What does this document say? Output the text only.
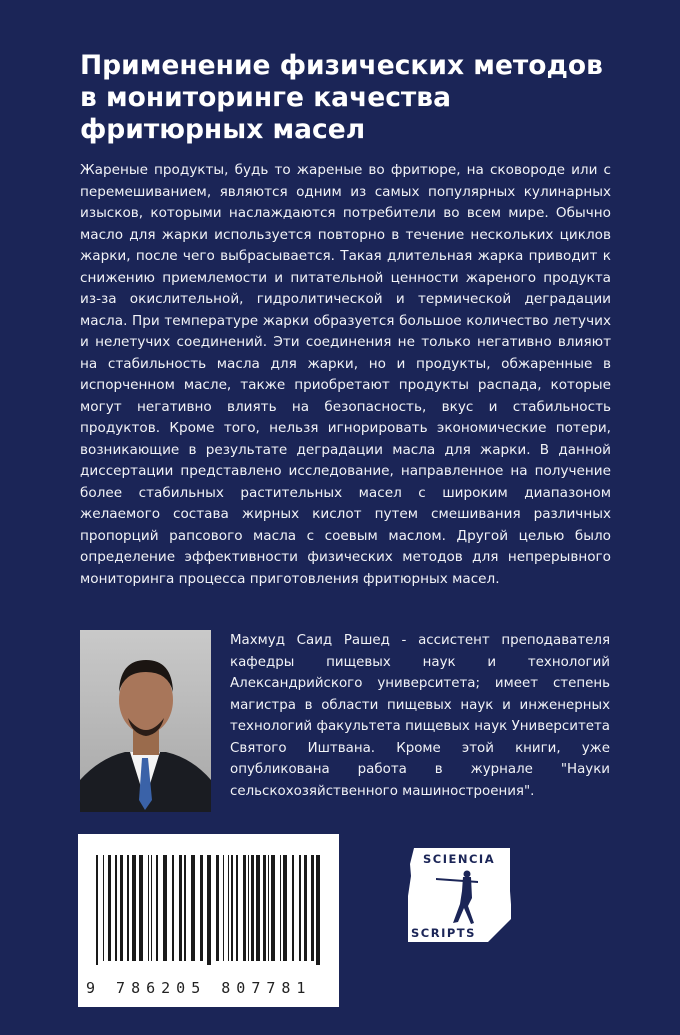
Применение физических методов в мониторинге качества фритюрных масел

Жареные продукты, будь то жареные во фритюре, на сковороде или с перемешиванием, являются одним из самых популярных кулинарных изысков, которыми наслаждаются потребители во всем мире. Обычно масло для жарки используется повторно в течение нескольких циклов жарки, после чего выбрасывается. Такая длительная жарка приводит к снижению приемлемости и питательной ценности жареного продукта из-за окислительной, гидролитической и термической деградации масла. При температуре жарки образуется большое количество летучих и нелетучих соединений. Эти соединения не только негативно влияют на стабильность масла для жарки, но и продукты, обжаренные в испорченном масле, также приобретают продукты распада, которые могут негативно влиять на безопасность, вкус и стабильность продуктов. Кроме того, нельзя игнорировать экономические потери, возникающие в результате деградации масла для жарки. В данной диссертации представлено исследование, направленное на получение более стабильных растительных масел с широким диапазоном желаемого состава жирных кислот путем смешивания различных пропорций рапсового масла с соевым маслом. Другой целью было определение эффективности физических методов для непрерывного мониторинга процесса приготовления фритюрных масел.

Махмуд Саид Рашед - ассистент преподавателя кафедры пищевых наук и технологий Александрийского университета; имеет степень магистра в области пищевых наук и инженерных технологий факультета пищевых наук Университета Святого Иштвана. Кроме этой книги, уже опубликована работа в журнале "Науки сельскохозяйственного машиностроения".

9 786205 807781
SCIENCIA
SCRIPTS
